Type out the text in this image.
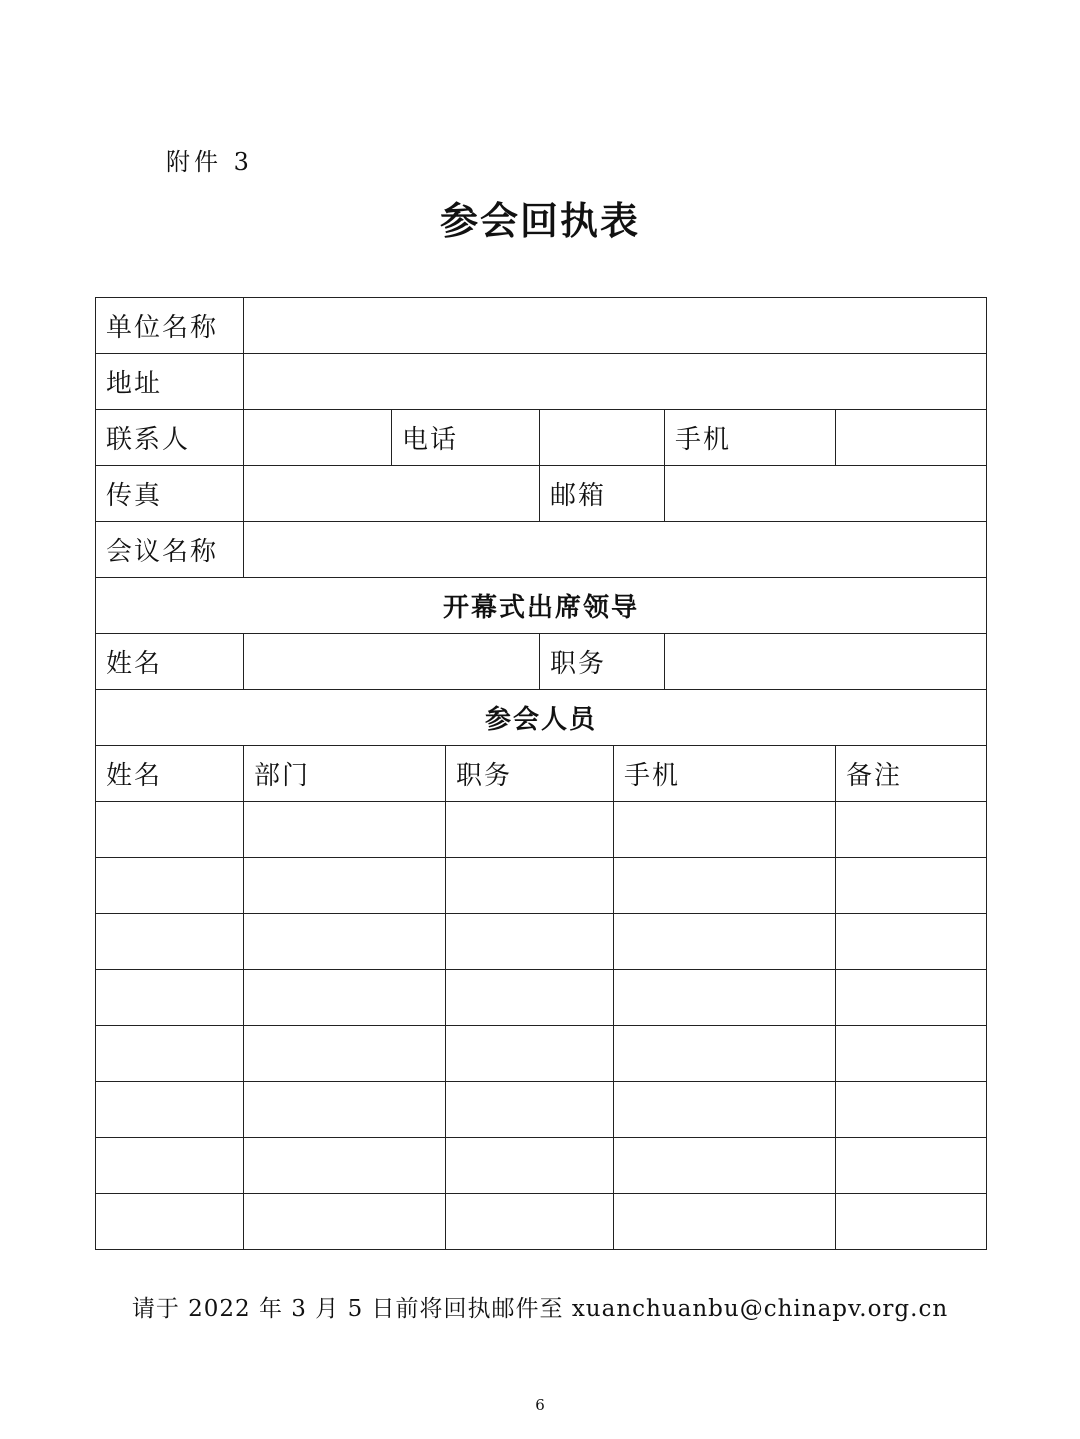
附件 3
参会回执表
单位名称							
地址							
联系人		电话				手机	
传真				邮箱			
会议名称							
开幕式出席领导							
姓名				职务			
参会人员							
姓名	部门		职务		手机		备注

请于 2022 年 3 月 5 日前将回执邮件至 xuanchuanbu@chinapv.org.cn
6
